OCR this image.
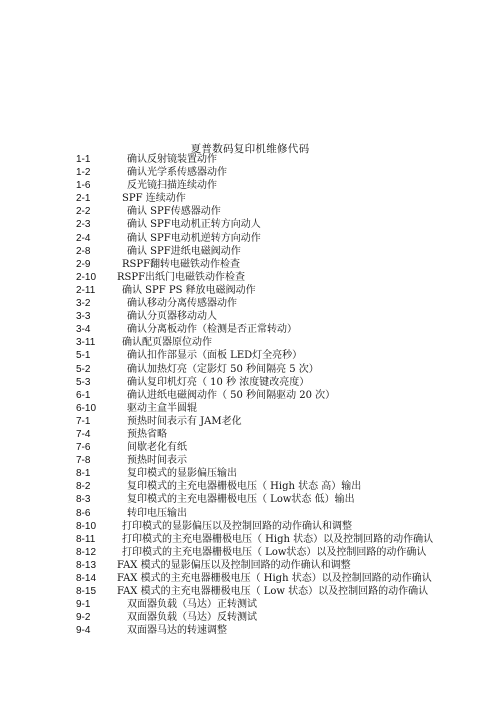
夏普数码复印机维修代码
1-1	确认反射镜装置动作
1-2	确认光学系传感器动作
1-6	反光镜扫描连续动作
2-1	SPF 连续动作
2-2	确认 SPF传感器动作
2-3	确认 SPF电动机正转方向动人
2-4	确认 SPF电动机逆转方向动作
2-8	确认 SPF进纸电磁阀动作
2-9	RSPF翻转电磁铁动作检查
2-10 RSPF出纸门电磁铁动作检查
2-11	确认 SPF PS 释放电磁阀动作
3-2	确认移动分离传感器动作
3-3	确认分页器移动动人
3-4	确认分离板动作（检测是否正常转动）
3-11	确认配页器原位动作
5-1	确认扣作部显示（面板 LED灯全亮秒）
5-2	确认加热灯亮（定影灯 50 秒间隔亮 5 次）
5-3	确认复印机灯亮（ 10 秒 浓度键改亮度）
6-1	确认进纸电磁阀动作（ 50 秒间隔驱动 20 次）
6-10	驱动主盒半圆辊
7-1	预热时间表示有 JAM老化
7-4	预热省略
7-6	间歇老化有纸
7-8	预热时间表示
8-1	复印模式的显影偏压输出
8-2	复印模式的主充电器栅极电压（ High 状态 高）输出
8-3	复印模式的主充电器栅极电压（ Low状态 低）输出
8-6	转印电压输出
8-10	打印模式的显影偏压以及控制回路的动作确认和调整
8-11	打印模式的主充电器栅极电压（ High 状态）以及控制回路的动作确认
8-12	打印模式的主充电器栅极电压（ Low状态）以及控制回路的动作确认
8-13 FAX 模式的显影偏压以及控制回路的动作确认和调整
8-14 FAX 模式的主充电器栅极电压（ High 状态）以及控制回路的动作确认
8-15 FAX 模式的主充电器栅极电压（ Low 状态）以及控制回路的动作确认
9-1	双面器负载（马达）正转测试
9-2	双面器负载（马达）反转测试
9-4	双面器马达的转速调整
